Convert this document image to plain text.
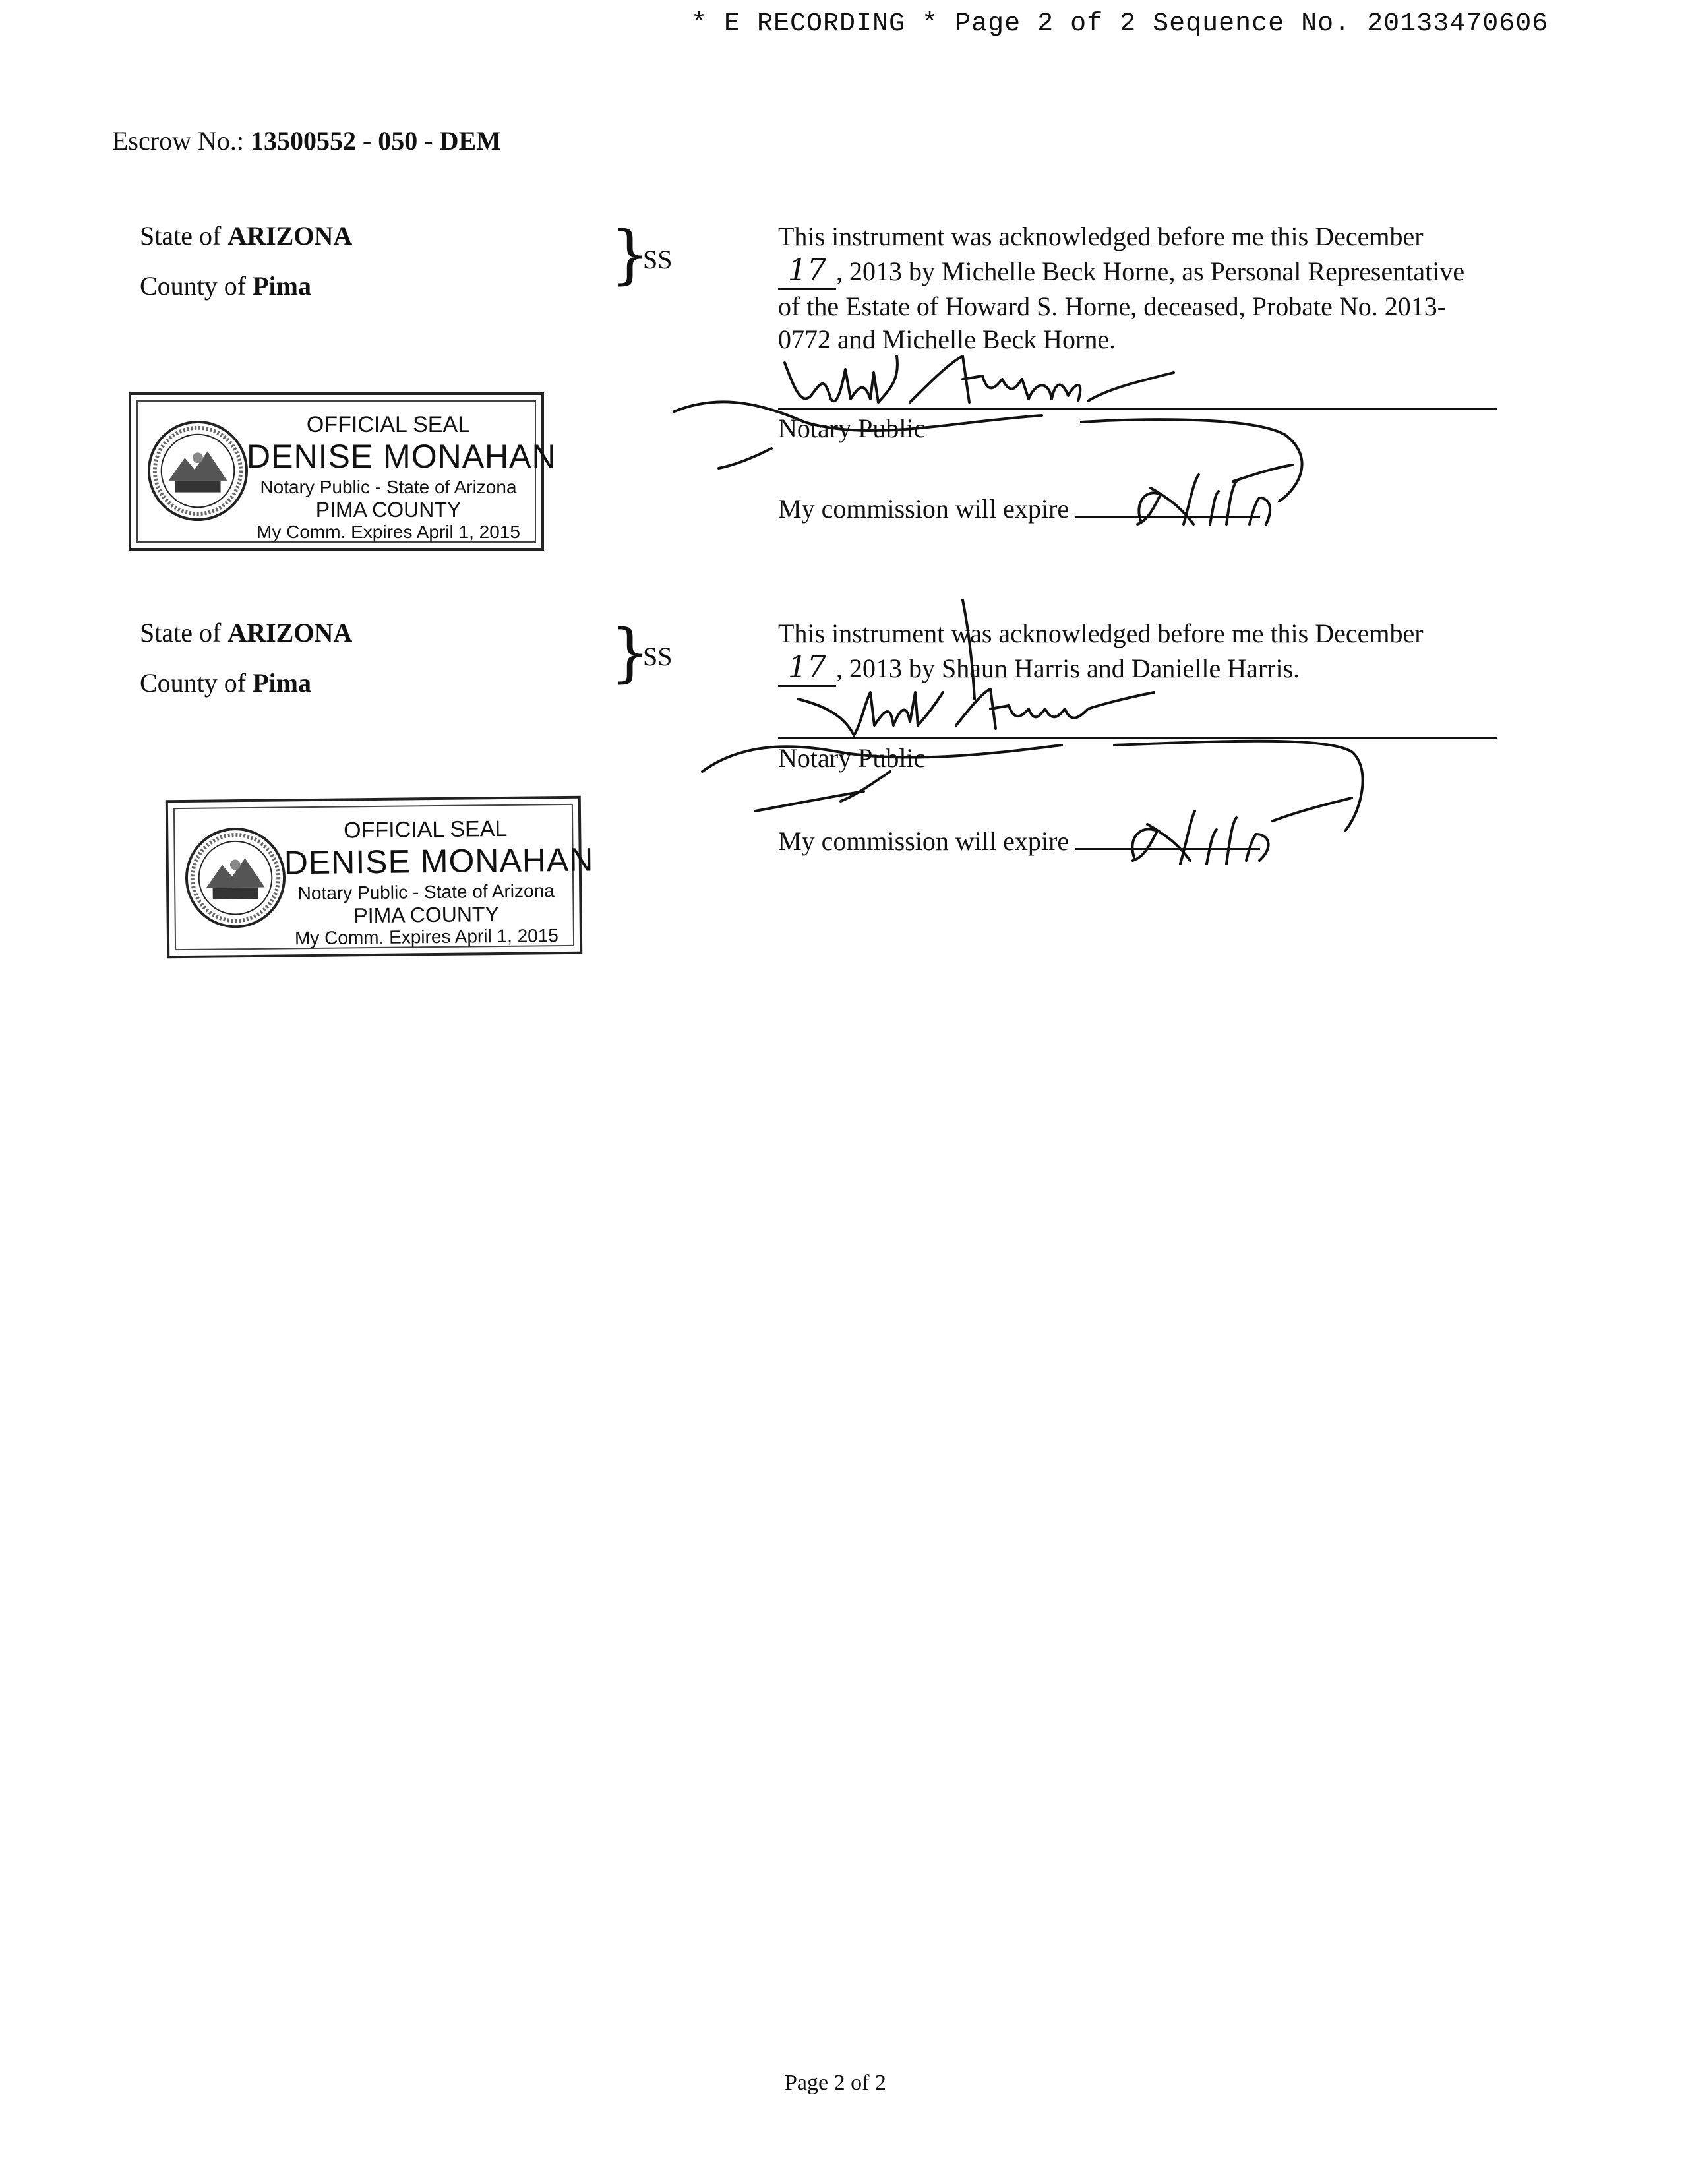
* E RECORDING * Page 2 of 2 Sequence No. 20133470606
Escrow No.: 13500552 - 050 - DEM
State of ARIZONA
County of Pima	}
SS
This instrument was acknowledged before me this December
17 , 2013 by Michelle Beck Horne, as Personal Representative
of the Estate of Howard S. Horne, deceased, Probate No. 2013-
0772 and Michelle Beck Horne.
Notary Public
My commission will expire
OFFICIAL SEAL
DENISE MONAHAN
Notary Public - State of Arizona
PIMA COUNTY
My Comm. Expires April 1, 2015
State of ARIZONA
County of Pima	}
SS
This instrument was acknowledged before me this December
17 , 2013 by Shaun Harris and Danielle Harris.
Notary Public
My commission will expire
OFFICIAL SEAL
DENISE MONAHAN
Notary Public - State of Arizona
PIMA COUNTY
My Comm. Expires April 1, 2015
Page 2 of 2
